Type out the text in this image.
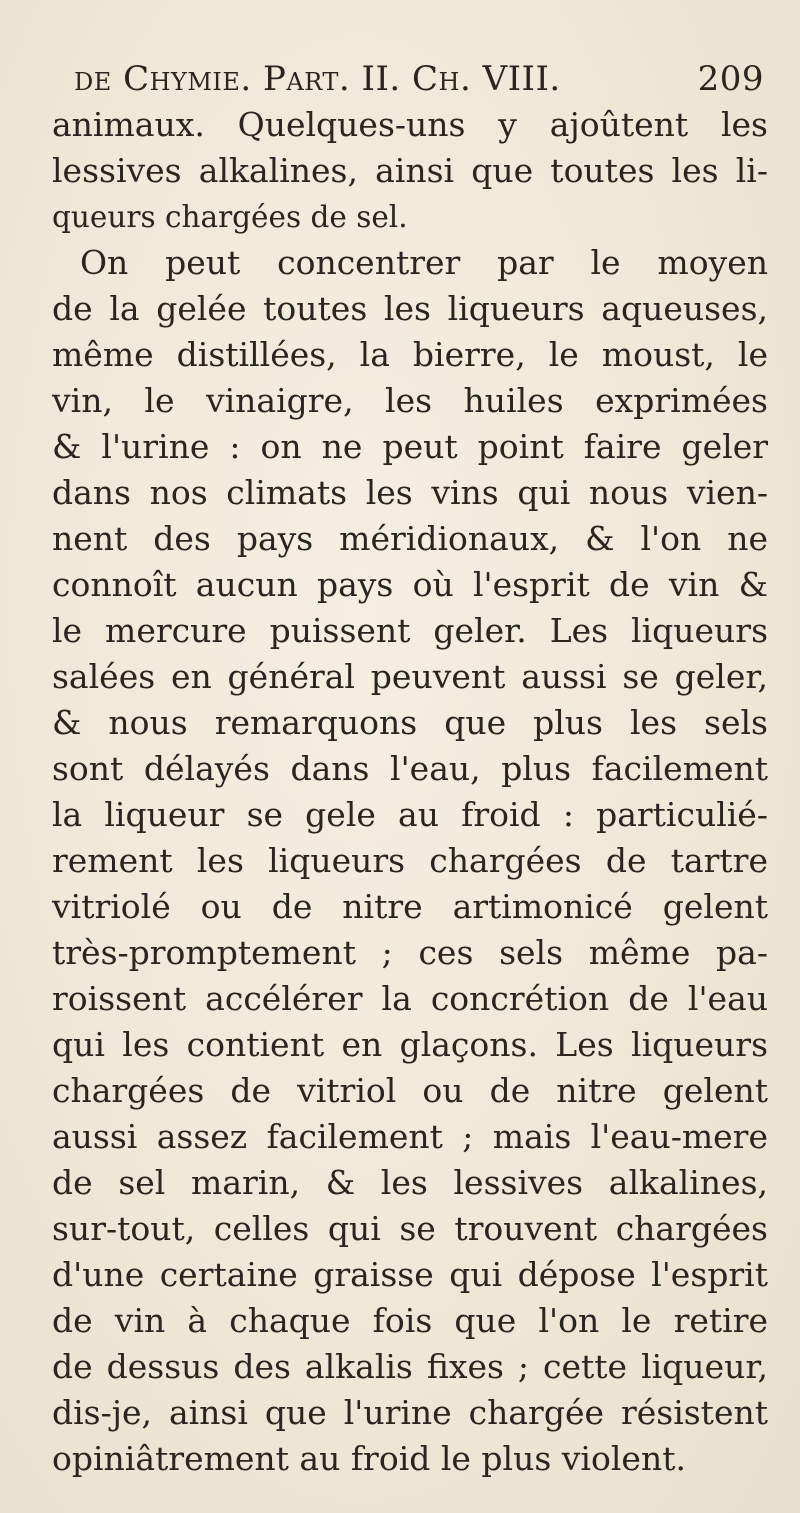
de Chymie. Part. II. Ch. VIII.	209
animaux. Quelques-uns y ajoûtent les
lessives alkalines, ainsi que toutes les li-
queurs chargées de sel.
On peut concentrer par le moyen
de la gelée toutes les liqueurs aqueuses,
même distillées, la bierre, le moust, le
vin, le vinaigre, les huiles exprimées
& l'urine : on ne peut point faire geler
dans nos climats les vins qui nous vien-
nent des pays méridionaux, & l'on ne
connoît aucun pays où l'esprit de vin &
le mercure puissent geler. Les liqueurs
salées en général peuvent aussi se geler,
& nous remarquons que plus les sels
sont délayés dans l'eau, plus facilement
la liqueur se gele au froid : particulié-
rement les liqueurs chargées de tartre
vitriolé ou de nitre artimonicé gelent
très-promptement ; ces sels même pa-
roissent accélérer la concrétion de l'eau
qui les contient en glaçons. Les liqueurs
chargées de vitriol ou de nitre gelent
aussi assez facilement ; mais l'eau-mere
de sel marin, & les lessives alkalines,
sur-tout, celles qui se trouvent chargées
d'une certaine graisse qui dépose l'esprit
de vin à chaque fois que l'on le retire
de dessus des alkalis fixes ; cette liqueur,
dis-je, ainsi que l'urine chargée résistent
opiniâtrement au froid le plus violent.
